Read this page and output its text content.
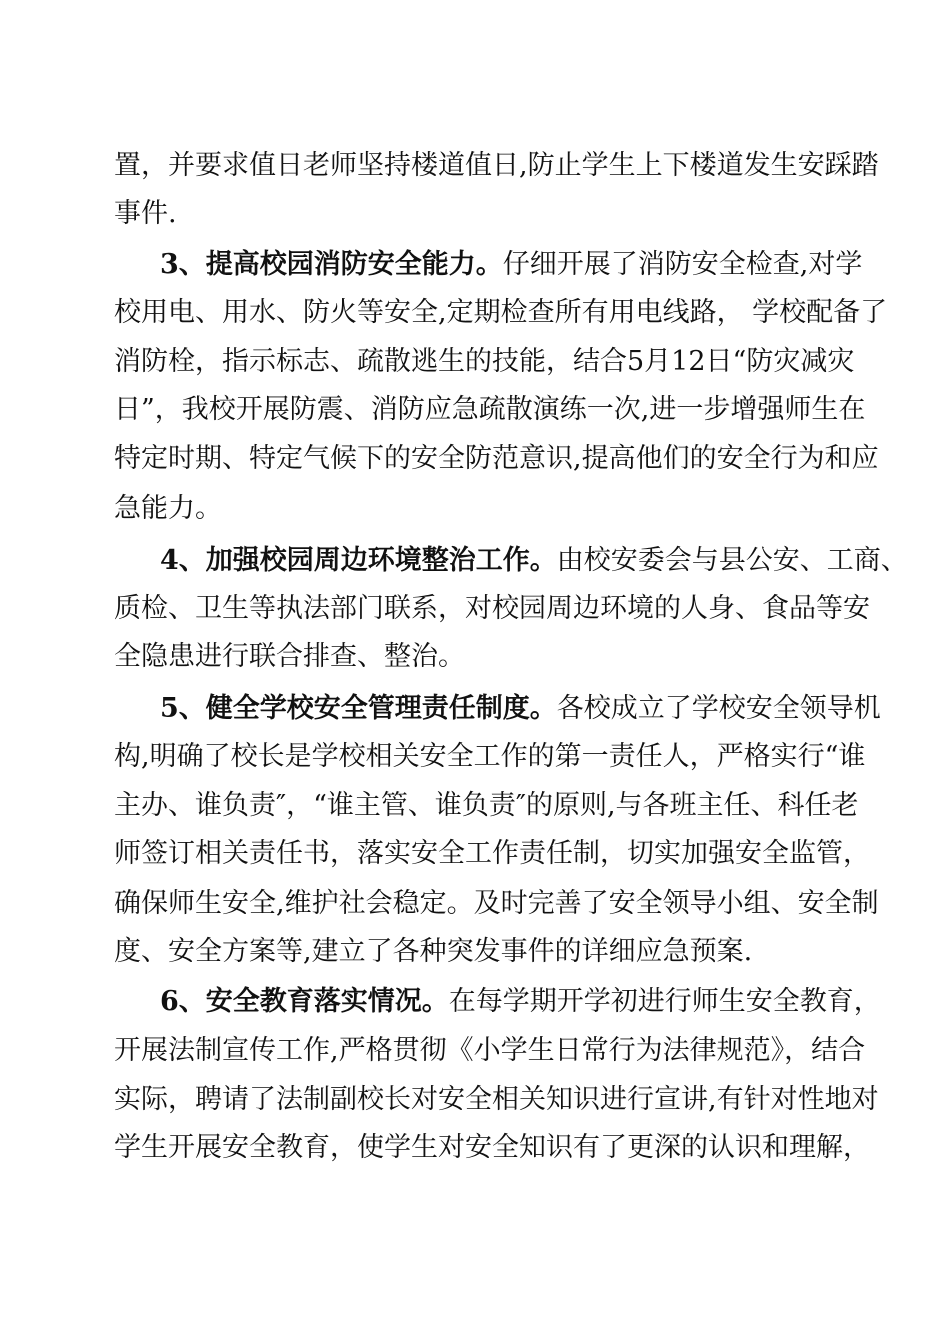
置，并要求值日老师坚持楼道值日,防止学生上下楼道发生安踩踏
事件.
3、提高校园消防安全能力。仔细开展了消防安全检查,对学
校用电、用水、防火等安全,定期检查所有用电线路， 学校配备了
消防栓，指示标志、疏散逃生的技能，结合5月12日“防灾减灾
日”，我校开展防震、消防应急疏散演练一次,进一步增强师生在
特定时期、特定气候下的安全防范意识,提高他们的安全行为和应
急能力。
4、加强校园周边环境整治工作。由校安委会与县公安、工商、
质检、卫生等执法部门联系，对校园周边环境的人身、食品等安
全隐患进行联合排查、整治。
5、健全学校安全管理责任制度。各校成立了学校安全领导机
构,明确了校长是学校相关安全工作的第一责任人，严格实行“谁
主办、谁负责″，“谁主管、谁负责″的原则,与各班主任、科任老
师签订相关责任书，落实安全工作责任制，切实加强安全监管，
确保师生安全,维护社会稳定。及时完善了安全领导小组、安全制
度、安全方案等,建立了各种突发事件的详细应急预案.
6、安全教育落实情况。在每学期开学初进行师生安全教育，
开展法制宣传工作,严格贯彻《小学生日常行为法律规范》，结合
实际，聘请了法制副校长对安全相关知识进行宣讲,有针对性地对
学生开展安全教育，使学生对安全知识有了更深的认识和理解，
